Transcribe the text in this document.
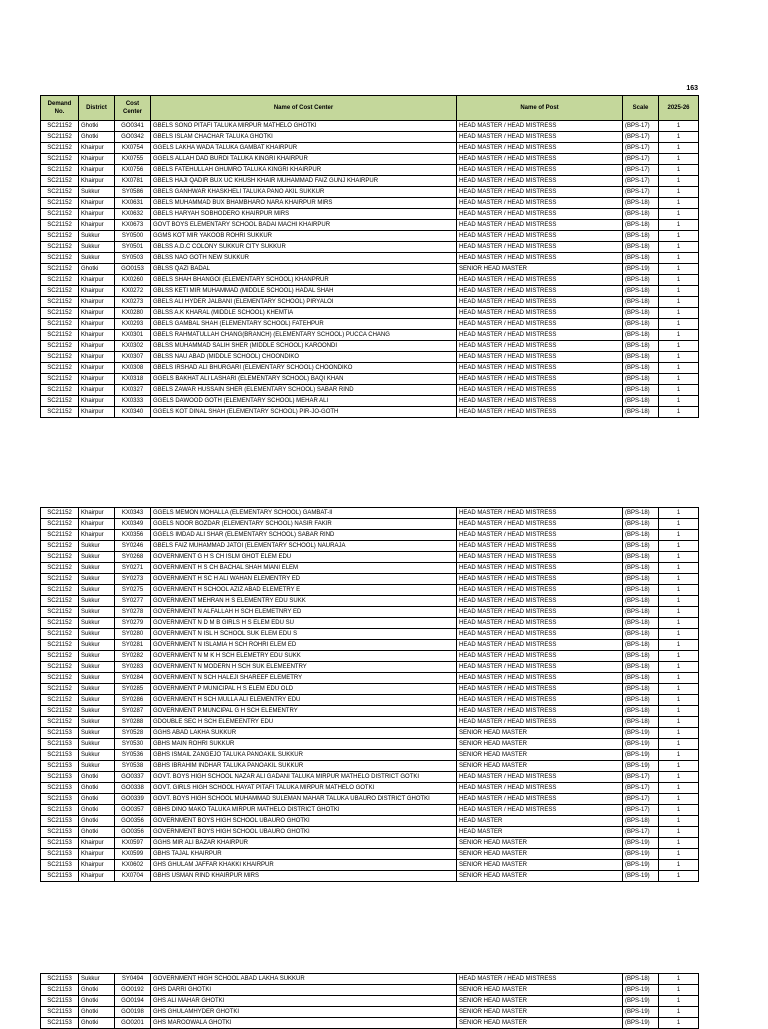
163
Demand No.	District	Cost Center	Name of Cost Center	Name of Post	Scale	2025-26
SC21152	Ghotki	GO0341	GBELS SONO PITAFI TALUKA MIRPUR MATHELO GHOTKI	HEAD MASTER / HEAD MISTRESS	(BPS-17)	1
SC21152	Ghotki	GO0342	GBELS ISLAM CHACHAR TALUKA GHOTKI	HEAD MASTER / HEAD MISTRESS	(BPS-17)	1
SC21152	Khairpur	KX0754	GGELS LAKHA WADA TALUKA GAMBAT KHAIRPUR	HEAD MASTER / HEAD MISTRESS	(BPS-17)	1
SC21152	Khairpur	KX0755	GGELS ALLAH DAD BURDI TALUKA KINGRI KHAIRPUR	HEAD MASTER / HEAD MISTRESS	(BPS-17)	1
SC21152	Khairpur	KX0756	GBELS FATEHULLAH GHUMRO TALUKA KINGRI KHAIRPUR	HEAD MASTER / HEAD MISTRESS	(BPS-17)	1
SC21152	Khairpur	KX0781	GBELS HAJI QADIR BUX UC KHUSH KHAIR MUHAMMAD FAIZ GUNJ KHAIRPUR	HEAD MASTER / HEAD MISTRESS	(BPS-17)	1
SC21152	Sukkur	SY0586	GBELS GANHWAR KHASKHELI TALUKA PANO AKIL SUKKUR	HEAD MASTER / HEAD MISTRESS	(BPS-17)	1
SC21152	Khairpur	KX0631	GBELS MUHAMMAD BUX BHAMBHARO NARA KHAIRPUR MIRS	HEAD MASTER / HEAD MISTRESS	(BPS-18)	1
SC21152	Khairpur	KX0632	GBELS HARYAH SOBHODERO KHAIRPUR MIRS	HEAD MASTER / HEAD MISTRESS	(BPS-18)	1
SC21152	Khairpur	KX0673	GOVT BOYS ELEMENTARY SCHOOL BADAI MACHI KHAIRPUR	HEAD MASTER / HEAD MISTRESS	(BPS-18)	1
SC21152	Sukkur	SY0500	GGMS KOT MIR YAKOOB ROHRI SUKKUR	HEAD MASTER / HEAD MISTRESS	(BPS-18)	1
SC21152	Sukkur	SY0501	GBLSS A.D.C COLONY SUKKUR CITY SUKKUR	HEAD MASTER / HEAD MISTRESS	(BPS-18)	1
SC21152	Sukkur	SY0503	GBLSS NAO GOTH NEW SUKKUR	HEAD MASTER / HEAD MISTRESS	(BPS-18)	1
SC21152	Ghotki	GO0153	GBLSS QAZI BADAL	SENIOR HEAD MASTER	(BPS-19)	1
SC21152	Khairpur	KX0260	GBELS SHAH BHANGOI (ELEMENTARY SCHOOL) KHANPRUR	HEAD MASTER / HEAD MISTRESS	(BPS-18)	1
SC21152	Khairpur	KX0272	GBLSS KETI MIR MUHAMMAD (MIDDLE SCHOOL) HADAL SHAH	HEAD MASTER / HEAD MISTRESS	(BPS-18)	1
SC21152	Khairpur	KX0273	GBELS ALI HYDER JALBANI (ELEMENTARY SCHOOL) PIRYALOI	HEAD MASTER / HEAD MISTRESS	(BPS-18)	1
SC21152	Khairpur	KX0280	GBLSS A.K KHARAL (MIDDLE SCHOOL) KHEMTIA	HEAD MASTER / HEAD MISTRESS	(BPS-18)	1
SC21152	Khairpur	KX0293	GBELS GAMBAL SHAH (ELEMENTARY SCHOOL) FATEHPUR	HEAD MASTER / HEAD MISTRESS	(BPS-18)	1
SC21152	Khairpur	KX0301	GBELS RAHMATULLAH CHANG(BRANCH) (ELEMENTARY SCHOOL) PUCCA CHANG	HEAD MASTER / HEAD MISTRESS	(BPS-18)	1
SC21152	Khairpur	KX0302	GBLSS MUHAMMAD SALIH SHER (MIDDLE SCHOOL) KAROONDI	HEAD MASTER / HEAD MISTRESS	(BPS-18)	1
SC21152	Khairpur	KX0307	GBLSS NAU ABAD (MIDDLE SCHOOL) CHOONDIKO	HEAD MASTER / HEAD MISTRESS	(BPS-18)	1
SC21152	Khairpur	KX0308	GBELS IRSHAD ALI BHURGARI (ELEMENTARY SCHOOL) CHOONDIKO	HEAD MASTER / HEAD MISTRESS	(BPS-18)	1
SC21152	Khairpur	KX0318	GGELS BAKHAT ALI LASHARI (ELEMENTARY SCHOOL) BAQI KHAN	HEAD MASTER / HEAD MISTRESS	(BPS-18)	1
SC21152	Khairpur	KX0327	GBELS ZAWAR HUSSAIN SHER (ELEMENTARY SCHOOL) SABAR RIND	HEAD MASTER / HEAD MISTRESS	(BPS-18)	1
SC21152	Khairpur	KX0333	GGELS DAWOOD GOTH (ELEMENTARY SCHOOL) MEHAR ALI	HEAD MASTER / HEAD MISTRESS	(BPS-18)	1
SC21152	Khairpur	KX0340	GGELS KOT DINAL SHAH (ELEMENTARY SCHOOL) PIR-JO-GOTH	HEAD MASTER / HEAD MISTRESS	(BPS-18)	1
SC21152	Khairpur	KX0343	GGELS MEMON MOHALLA (ELEMENTARY SCHOOL) GAMBAT-II	HEAD MASTER / HEAD MISTRESS	(BPS-18)	1
SC21152	Khairpur	KX0349	GGELS NOOR BOZDAR (ELEMENTARY SCHOOL) NASIR FAKIR	HEAD MASTER / HEAD MISTRESS	(BPS-18)	1
SC21152	Khairpur	KX0356	GGELS IMDAD ALI SHAR (ELEMENTARY SCHOOL) SABAR RIND	HEAD MASTER / HEAD MISTRESS	(BPS-18)	1
SC21152	Sukkur	SY0246	GBELS FAIZ MUHAMMAD JATOI (ELEMENTARY SCHOOL) NAURAJA	HEAD MASTER / HEAD MISTRESS	(BPS-18)	1
SC21152	Sukkur	SY0268	GOVERNMENT G H S CH ISLM GHOT ELEM EDU	HEAD MASTER / HEAD MISTRESS	(BPS-18)	1
SC21152	Sukkur	SY0271	GOVERNMENT H S CH BACHAL SHAH MIANI ELEM	HEAD MASTER / HEAD MISTRESS	(BPS-18)	1
SC21152	Sukkur	SY0273	GOVERNMENT H SC H ALI WAHAN ELEMENTRY ED	HEAD MASTER / HEAD MISTRESS	(BPS-18)	1
SC21152	Sukkur	SY0275	GOVERNMENT H SCHOOL AZIZ ABAD ELEMETRY E	HEAD MASTER / HEAD MISTRESS	(BPS-18)	1
SC21152	Sukkur	SY0277	GOVERNMENT MEHRAN H S ELEMENTRY EDU SUKK	HEAD MASTER / HEAD MISTRESS	(BPS-18)	1
SC21152	Sukkur	SY0278	GOVERNMENT N ALFALLAH H SCH ELEMETNRY ED	HEAD MASTER / HEAD MISTRESS	(BPS-18)	1
SC21152	Sukkur	SY0279	GOVERNMENT N D M B GIRLS H S ELEM EDU SU	HEAD MASTER / HEAD MISTRESS	(BPS-18)	1
SC21152	Sukkur	SY0280	GOVERNMENT N ISL H SCHOOL SUK ELEM EDU S	HEAD MASTER / HEAD MISTRESS	(BPS-18)	1
SC21152	Sukkur	SY0281	GOVERNMENT N ISLAMIA H SCH ROHRI ELEM ED	HEAD MASTER / HEAD MISTRESS	(BPS-18)	1
SC21152	Sukkur	SY0282	GOVERNMENT N M K H SCH ELEMETRY EDU SUKK	HEAD MASTER / HEAD MISTRESS	(BPS-18)	1
SC21152	Sukkur	SY0283	GOVERNMENT N MODERN H SCH SUK ELEMEENTRY	HEAD MASTER / HEAD MISTRESS	(BPS-18)	1
SC21152	Sukkur	SY0284	GOVERNMENT N SCH HALEJI SHAREEF ELEMETRY	HEAD MASTER / HEAD MISTRESS	(BPS-18)	1
SC21152	Sukkur	SY0285	GOVERNMENT P MUNICIPAL H S ELEM EDU OLD	HEAD MASTER / HEAD MISTRESS	(BPS-18)	1
SC21152	Sukkur	SY0286	GOVERNMENT H SCH MULLA ALI ELEMENTRY EDU	HEAD MASTER / HEAD MISTRESS	(BPS-18)	1
SC21152	Sukkur	SY0287	GOVERNMENT P.MUNCIPAL G H SCH ELEMENTRY	HEAD MASTER / HEAD MISTRESS	(BPS-18)	1
SC21152	Sukkur	SY0288	GDOUBLE SEC H SCH ELEMEENTRY EDU	HEAD MASTER / HEAD MISTRESS	(BPS-18)	1
SC21153	Sukkur	SY0528	GGHS ABAD LAKHA SUKKUR	SENIOR HEAD MASTER	(BPS-19)	1
SC21153	Sukkur	SY0530	GBHS MAIN ROHRI SUKKUR	SENIOR HEAD MASTER	(BPS-19)	1
SC21153	Sukkur	SY0536	GBHS ISMAIL ZANGEJO TALUKA PANOAKIL SUKKUR	SENIOR HEAD MASTER	(BPS-19)	1
SC21153	Sukkur	SY0538	GBHS IBRAHIM INDHAR TALUKA PANOAKIL SUKKUR	SENIOR HEAD MASTER	(BPS-19)	1
SC21153	Ghotki	GO0337	GOVT. BOYS HIGH SCHOOL NAZAR ALI GADANI TALUKA MIRPUR MATHELO DISTRICT GOTKI	HEAD MASTER / HEAD MISTRESS	(BPS-17)	1
SC21153	Ghotki	GO0338	GOVT. GIRLS HIGH SCHOOL HAYAT PITAFI TALUKA MIRPUR MATHELO GOTKI	HEAD MASTER / HEAD MISTRESS	(BPS-17)	1
SC21153	Ghotki	GO0339	GOVT. BOYS HIGH SCHOOL MUHAMMAD SULEMAN MAHAR TALUKA UBAURO DISTRICT GHOTKI	HEAD MASTER / HEAD MISTRESS	(BPS-17)	1
SC21153	Ghotki	GO0357	GBHS DINO MAKO TALUKA MIRPUR MATHELO DISTRICT GHOTKI	HEAD MASTER / HEAD MISTRESS	(BPS-17)	1
SC21153	Ghotki	GO0356	GOVERNMENT BOYS HIGH SCHOOL UBAURO GHOTKI	HEAD MASTER	(BPS-18)	1
SC21153	Ghotki	GO0356	GOVERNMENT BOYS HIGH SCHOOL UBAURO GHOTKI	HEAD MASTER	(BPS-17)	1
SC21153	Khairpur	KX0597	GGHS MIR ALI BAZAR KHAIRPUR	SENIOR HEAD MASTER	(BPS-19)	1
SC21153	Khairpur	KX0599	GBHS TAJAL KHAIRPUR	SENIOR HEAD MASTER	(BPS-19)	1
SC21153	Khairpur	KX0602	GHS GHULAM JAFFAR KHAKKI KHAIRPUR	SENIOR HEAD MASTER	(BPS-19)	1
SC21153	Khairpur	KX0704	GBHS USMAN RIND KHAIRPUR MIRS	SENIOR HEAD MASTER	(BPS-19)	1
SC21153	Sukkur	SY0494	GOVERNMENT HIGH SCHOOL ABAD LAKHA SUKKUR	HEAD MASTER / HEAD MISTRESS	(BPS-18)	1
SC21153	Ghotki	GO0192	GHS DARRI GHOTKI	SENIOR HEAD MASTER	(BPS-19)	1
SC21153	Ghotki	GO0194	GHS ALI MAHAR GHOTKI	SENIOR HEAD MASTER	(BPS-19)	1
SC21153	Ghotki	GO0198	GHS GHULAMHYDER GHOTKI	SENIOR HEAD MASTER	(BPS-19)	1
SC21153	Ghotki	GO0201	GHS MAROOWALA GHOTKI	SENIOR HEAD MASTER	(BPS-19)	1
